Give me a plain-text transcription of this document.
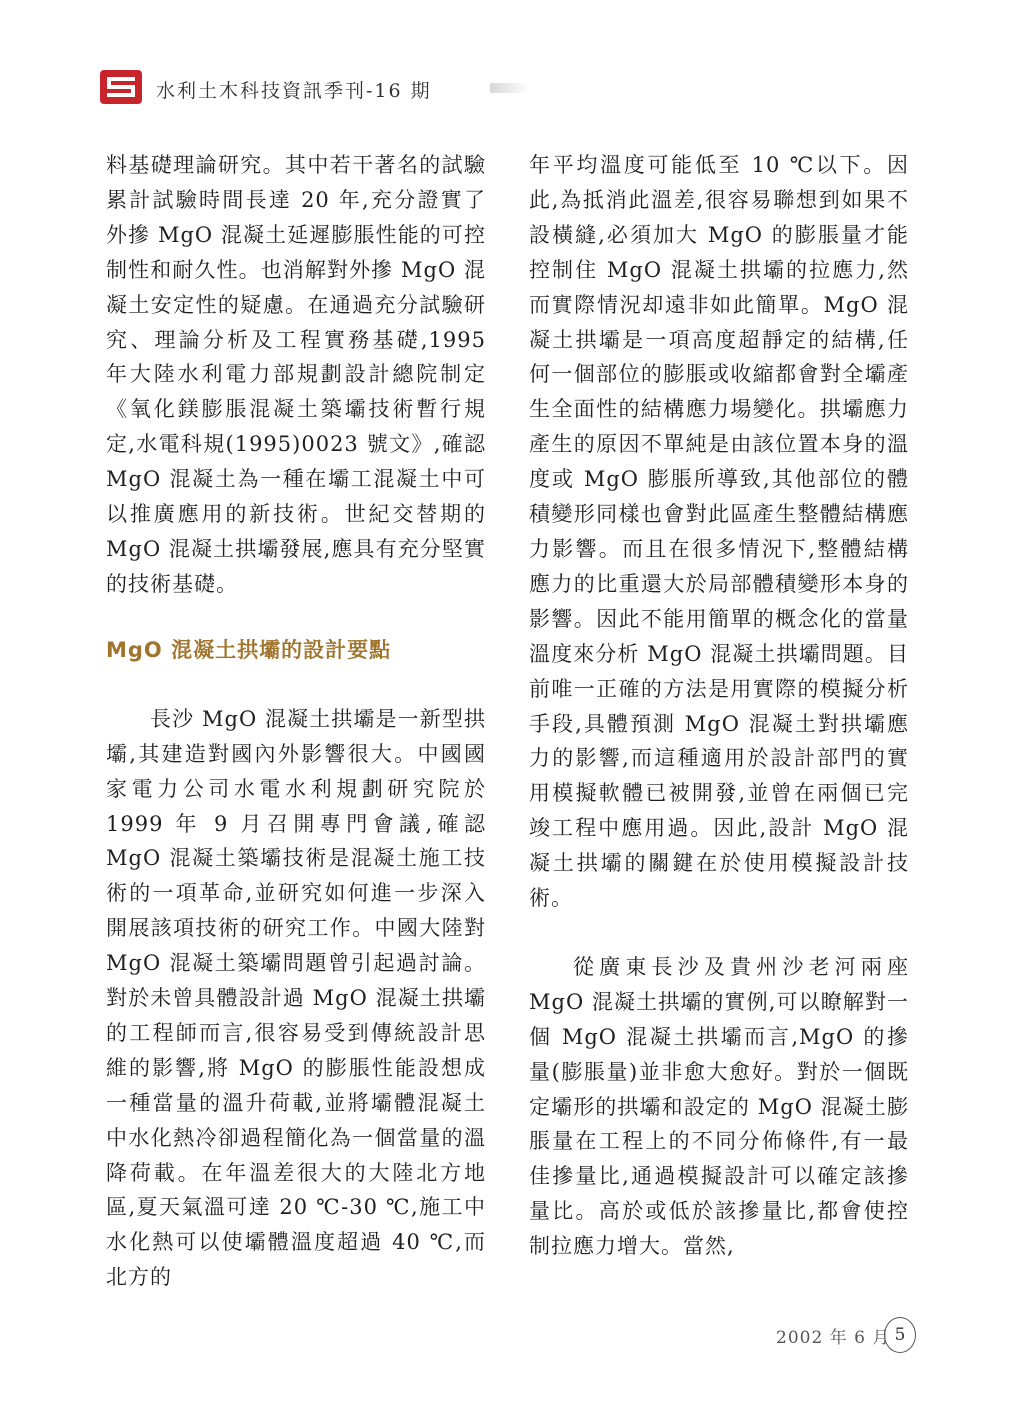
水利土木科技資訊季刊-16 期

料基礎理論研究。其中若干著名的試驗累計試驗時間長達 20 年,充分證實了外摻 MgO 混凝土延遲膨脹性能的可控制性和耐久性。也消解對外摻 MgO 混凝土安定性的疑慮。在通過充分試驗研究、理論分析及工程實務基礎,1995 年大陸水利電力部規劃設計總院制定《氧化鎂膨脹混凝土築壩技術暫行規定,水電科規(1995)0023 號文》,確認 MgO 混凝土為一種在壩工混凝土中可以推廣應用的新技術。世紀交替期的 MgO 混凝土拱壩發展,應具有充分堅實的技術基礎。

MgO 混凝土拱壩的設計要點

長沙 MgO 混凝土拱壩是一新型拱壩,其建造對國內外影響很大。中國國家電力公司水電水利規劃研究院於 1999 年 9 月召開專門會議,確認 MgO 混凝土築壩技術是混凝土施工技術的一項革命,並研究如何進一步深入開展該項技術的研究工作。中國大陸對 MgO 混凝土築壩問題曾引起過討論。對於未曾具體設計過 MgO 混凝土拱壩的工程師而言,很容易受到傳統設計思維的影響,將 MgO 的膨脹性能設想成一種當量的溫升荷載,並將壩體混凝土中水化熱冷卻過程簡化為一個當量的溫降荷載。在年溫差很大的大陸北方地區,夏天氣溫可達 20 ℃-30 ℃,施工中水化熱可以使壩體溫度超過 40 ℃,而北方的

年平均溫度可能低至 10 ℃以下。因此,為抵消此溫差,很容易聯想到如果不設橫縫,必須加大 MgO 的膨脹量才能控制住 MgO 混凝土拱壩的拉應力,然而實際情況却遠非如此簡單。MgO 混凝土拱壩是一項高度超靜定的結構,任何一個部位的膨脹或收縮都會對全壩產生全面性的結構應力場變化。拱壩應力產生的原因不單純是由該位置本身的溫度或 MgO 膨脹所導致,其他部位的體積變形同樣也會對此區產生整體結構應力影響。而且在很多情況下,整體結構應力的比重還大於局部體積變形本身的影響。因此不能用簡單的概念化的當量溫度來分析 MgO 混凝土拱壩問題。目前唯一正確的方法是用實際的模擬分析手段,具體預測 MgO 混凝土對拱壩應力的影響,而這種適用於設計部門的實用模擬軟體已被開發,並曾在兩個已完竣工程中應用過。因此,設計 MgO 混凝土拱壩的關鍵在於使用模擬設計技術。

從廣東長沙及貴州沙老河兩座 MgO 混凝土拱壩的實例,可以瞭解對一個 MgO 混凝土拱壩而言,MgO 的摻量(膨脹量)並非愈大愈好。對於一個既定壩形的拱壩和設定的 MgO 混凝土膨脹量在工程上的不同分佈條件,有一最佳摻量比,通過模擬設計可以確定該摻量比。高於或低於該摻量比,都會使控制拉應力增大。當然,

2002 年 6 月 5
